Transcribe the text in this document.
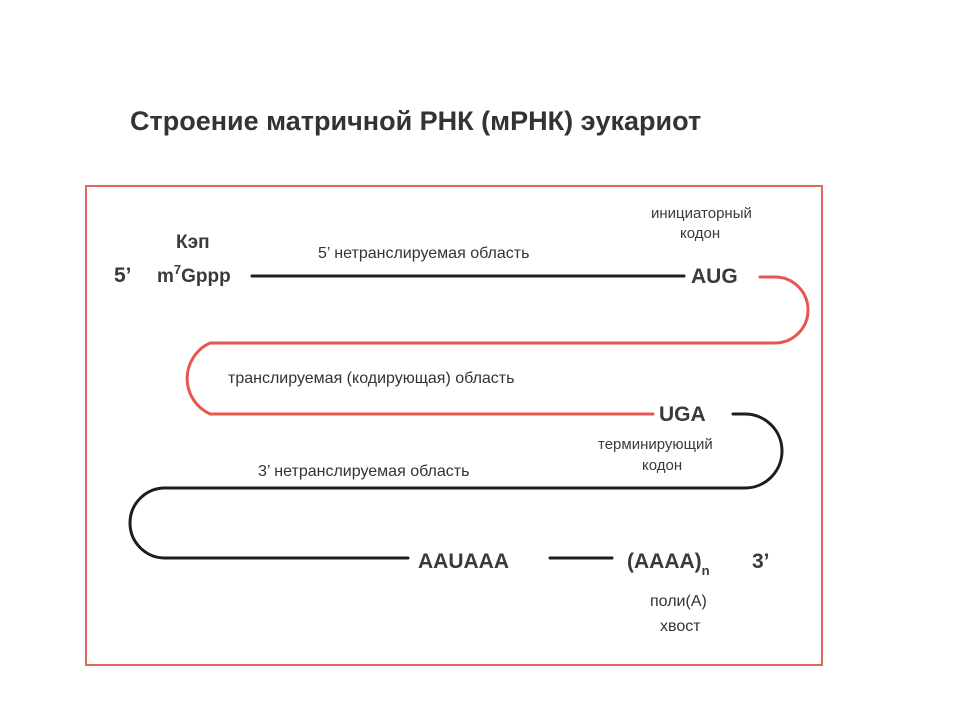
Строение матричной РНК (мРНК) эукариот
5’
Кэп
$m^7Gppp$
5’ нетранслируемая область
инициаторный
кодон
AUG
транслируемая (кодирующая) область
UGA
терминирующий
кодон
3’ нетранслируемая область
AAUAAA	$(AAAA)_n$ 3’
поли(А)
хвост
